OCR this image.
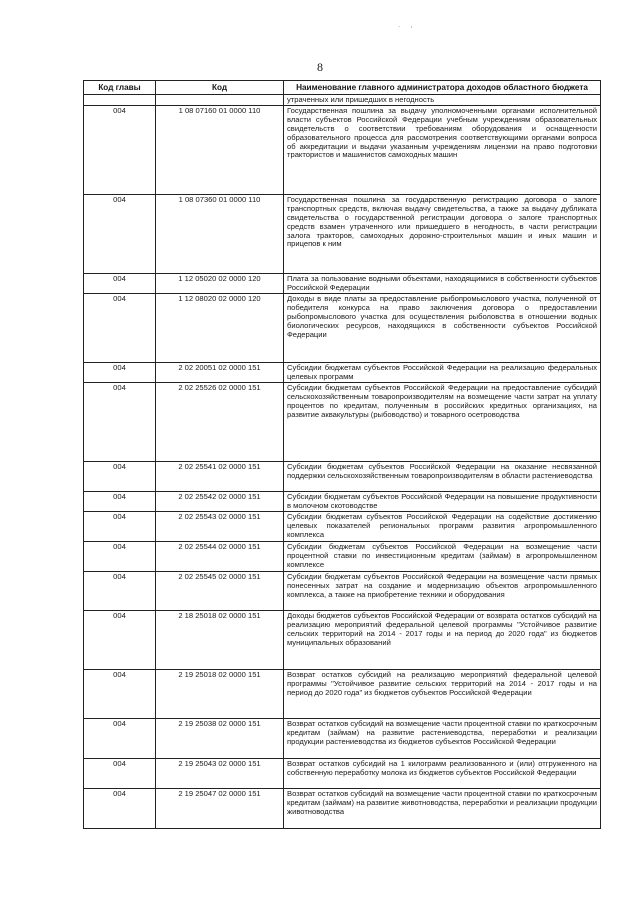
. ,
8
Код главы	Код	Наименование главного администратора доходов областного бюджета
		утраченных или пришедших в негодность
004	1 08 07160 01 0000 110	Государственная пошлина за выдачу уполномоченными органами исполнительной власти субъектов Российской Федерации учебным учреждениям образовательных свидетельств о соответствии требованиям оборудования и оснащенности образовательного процесса для рассмотрения соответствующими органами вопроса об аккредитации и выдачи указанным учреждениям лицензии на право подготовки трактористов и машинистов самоходных машин
004	1 08 07360 01 0000 110	Государственная пошлина за государственную регистрацию договора о залоге транспортных средств, включая выдачу свидетельства, а также за выдачу дубликата свидетельства о государственной регистрации договора о залоге транспортных средств взамен утраченного или пришедшего в негодность, в части регистрации залога тракторов, самоходных дорожно-строительных машин и иных машин и прицепов к ним
004	1 12 05020 02 0000 120	Плата за пользование водными объектами, находящимися в собственности субъектов Российской Федерации
004	1 12 08020 02 0000 120	Доходы в виде платы за предоставление рыбопромыслового участка, полученной от победителя конкурса на право заключения договора о предоставлении рыбопромыслового участка для осуществления рыболовства в отношении водных биологических ресурсов, находящихся в собственности субъектов Российской Федерации
004	2 02 20051 02 0000 151	Субсидии бюджетам субъектов Российской Федерации на реализацию федеральных целевых программ
004	2 02 25526 02 0000 151	Субсидии бюджетам субъектов Российской Федерации на предоставление субсидий сельскохозяйственным товаропроизводителям на возмещение части затрат на уплату процентов по кредитам, полученным в российских кредитных организациях, на развитие аквакультуры (рыбоводство) и товарного осетроводства
004	2 02 25541 02 0000 151	Субсидии бюджетам субъектов Российской Федерации на оказание несвязанной поддержки сельскохозяйственным товаропроизводителям в области растениеводства
004	2 02 25542 02 0000 151	Субсидии бюджетам субъектов Российской Федерации на повышение продуктивности в молочном скотоводстве
004	2 02 25543 02 0000 151	Субсидии бюджетам субъектов Российской Федерации на содействие достижению целевых показателей региональных программ развития агропромышленного комплекса
004	2 02 25544 02 0000 151	Субсидии бюджетам субъектов Российской Федерации на возмещение части процентной ставки по инвестиционным кредитам (займам) в агропромышленном комплексе
004	2 02 25545 02 0000 151	Субсидии бюджетам субъектов Российской Федерации на возмещение части прямых понесенных затрат на создание и модернизацию объектов агропромышленного комплекса, а также на приобретение техники и оборудования
004	2 18 25018 02 0000 151	Доходы бюджетов субъектов Российской Федерации от возврата остатков субсидий на реализацию мероприятий федеральной целевой программы "Устойчивое развитие сельских территорий на 2014 - 2017 годы и на период до 2020 года" из бюджетов муниципальных образований
004	2 19 25018 02 0000 151	Возврат остатков субсидий на реализацию мероприятий федеральной целевой программы "Устойчивое развитие сельских территорий на 2014 - 2017 годы и на период до 2020 года" из бюджетов субъектов Российской Федерации
004	2 19 25038 02 0000 151	Возврат остатков субсидий на возмещение части процентной ставки по краткосрочным кредитам (займам) на развитие растениеводства, переработки и реализации продукции растениеводства из бюджетов субъектов Российской Федерации
004	2 19 25043 02 0000 151	Возврат остатков субсидий на 1 килограмм реализованного и (или) отгруженного на собственную переработку молока из бюджетов субъектов Российской Федерации
004	2 19 25047 02 0000 151	Возврат остатков субсидий на возмещение части процентной ставки по краткосрочным кредитам (займам) на развитие животноводства, переработки и реализации продукции животноводства
